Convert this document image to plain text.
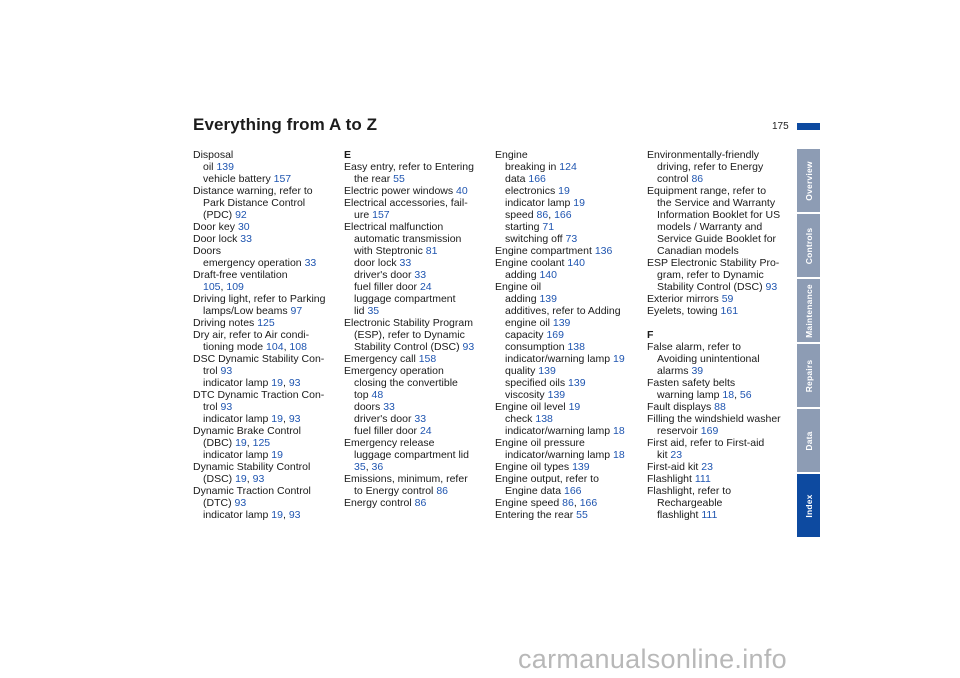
Everything from A to Z	175
Disposal
oil 139
vehicle battery 157
Distance warning, refer to
Park Distance Control
(PDC) 92
Door key 30
Door lock 33
Doors
emergency operation 33
Draft-free ventilation
105, 109
Driving light, refer to Parking
lamps/Low beams 97
Driving notes 125
Dry air, refer to Air condi-
tioning mode 104, 108
DSC Dynamic Stability Con-
trol 93
indicator lamp 19, 93
DTC Dynamic Traction Con-
trol 93
indicator lamp 19, 93
Dynamic Brake Control
(DBC) 19, 125
indicator lamp 19
Dynamic Stability Control
(DSC) 19, 93
Dynamic Traction Control
(DTC) 93
indicator lamp 19, 93
E
Easy entry, refer to Entering
the rear 55
Electric power windows 40
Electrical accessories, fail-
ure 157
Electrical malfunction
automatic transmission
with Steptronic 81
door lock 33
driver's door 33
fuel filler door 24
luggage compartment
lid 35
Electronic Stability Program
(ESP), refer to Dynamic
Stability Control (DSC) 93
Emergency call 158
Emergency operation
closing the convertible
top 48
doors 33
driver's door 33
fuel filler door 24
Emergency release
luggage compartment lid
35, 36
Emissions, minimum, refer
to Energy control 86
Energy control 86
Engine
breaking in 124
data 166
electronics 19
indicator lamp 19
speed 86, 166
starting 71
switching off 73
Engine compartment 136
Engine coolant 140
adding 140
Engine oil
adding 139
additives, refer to Adding
engine oil 139
capacity 169
consumption 138
indicator/warning lamp 19
quality 139
specified oils 139
viscosity 139
Engine oil level 19
check 138
indicator/warning lamp 18
Engine oil pressure
indicator/warning lamp 18
Engine oil types 139
Engine output, refer to
Engine data 166
Engine speed 86, 166
Entering the rear 55
Environmentally-friendly
driving, refer to Energy
control 86
Equipment range, refer to
the Service and Warranty
Information Booklet for US
models / Warranty and
Service Guide Booklet for
Canadian models
ESP Electronic Stability Pro-
gram, refer to Dynamic
Stability Control (DSC) 93
Exterior mirrors 59
Eyelets, towing 161
F
False alarm, refer to
Avoiding unintentional
alarms 39
Fasten safety belts
warning lamp 18, 56
Fault displays 88
Filling the windshield washer
reservoir 169
First aid, refer to First-aid
kit 23
First-aid kit 23
Flashlight 111
Flashlight, refer to
Rechargeable
flashlight 111
Overview
Controls
Maintenance
Repairs
Data
Index
carmanualsonline.info
